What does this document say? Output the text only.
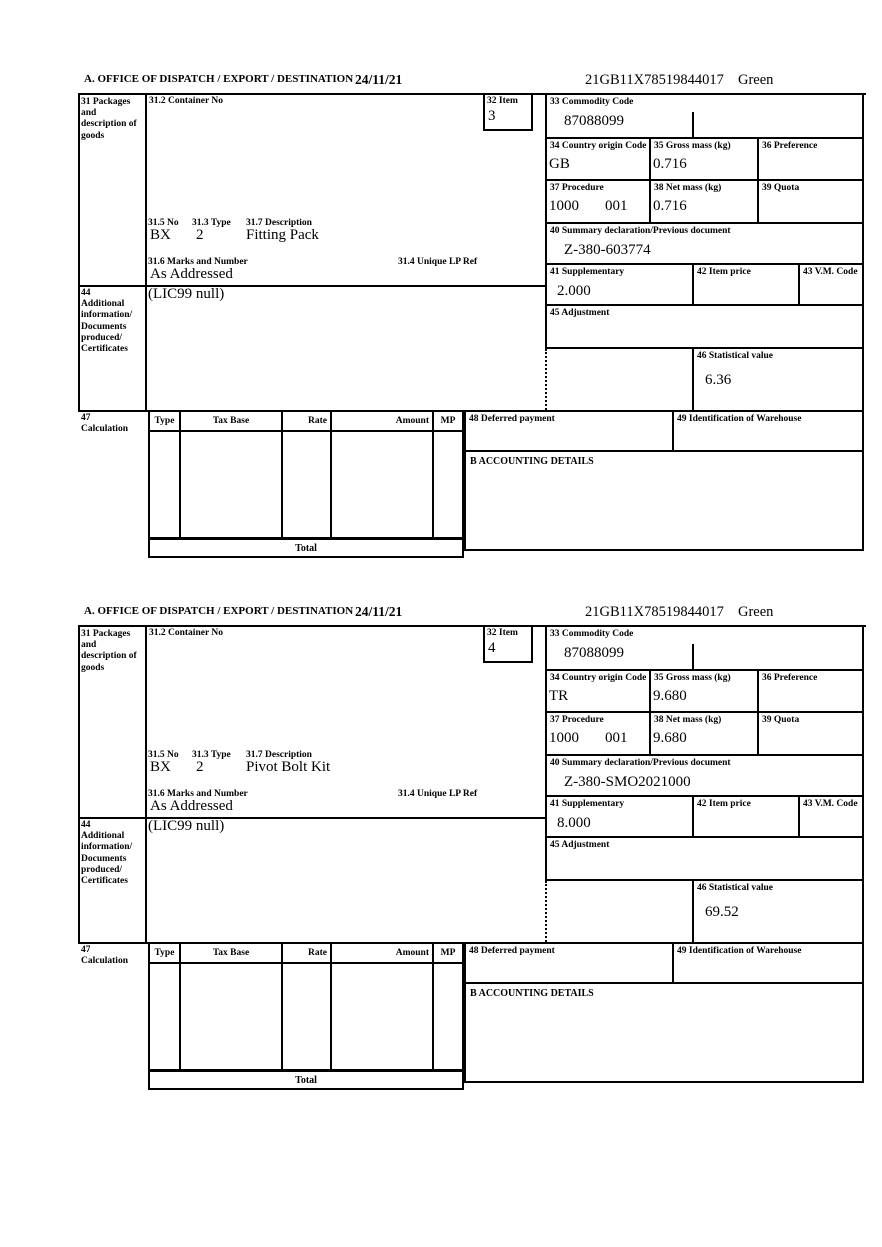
A. OFFICE OF DISPATCH / EXPORT / DESTINATION 24/11/21	21GB11X78519844017 Green
31 Packages and description of goods
31.2 Container No	32 Item
3
31.5 No 31.3 Type 31.7 Description
BX 2	Fitting Pack
31.6 Marks and Number	31.4 Unique LP Ref
As Addressed
44
Additional information/ Documents produced/ Certificates
(LIC99 null)
33 Commodity Code
87088099
34 Country origin Code
GB
35 Gross mass (kg)
0.716
36 Preference
37 Procedure
1000 001
38 Net mass (kg)
0.716
39 Quota
40 Summary declaration/Previous document
Z-380-603774
41 Supplementary
2.000
42 Item price	43 V.M. Code
45 Adjustment
46 Statistical value
6.36
47
Calculation
Type	Tax Base	Rate	Amount	MP
Total
48 Deferred payment	49 Identification of Warehouse
B ACCOUNTING DETAILS
A. OFFICE OF DISPATCH / EXPORT / DESTINATION 24/11/21	21GB11X78519844017 Green
31 Packages and description of goods
31.2 Container No	32 Item
4
31.5 No 31.3 Type 31.7 Description
BX 2	Pivot Bolt Kit
31.6 Marks and Number	31.4 Unique LP Ref
As Addressed
44
Additional information/ Documents produced/ Certificates
(LIC99 null)
33 Commodity Code
87088099
34 Country origin Code
TR
35 Gross mass (kg)
9.680
36 Preference
37 Procedure
1000 001
38 Net mass (kg)
9.680
39 Quota
40 Summary declaration/Previous document
Z-380-SMO2021000
41 Supplementary
8.000
42 Item price	43 V.M. Code
45 Adjustment
46 Statistical value
69.52
47
Calculation
Type	Tax Base	Rate	Amount	MP
Total
48 Deferred payment	49 Identification of Warehouse
B ACCOUNTING DETAILS
